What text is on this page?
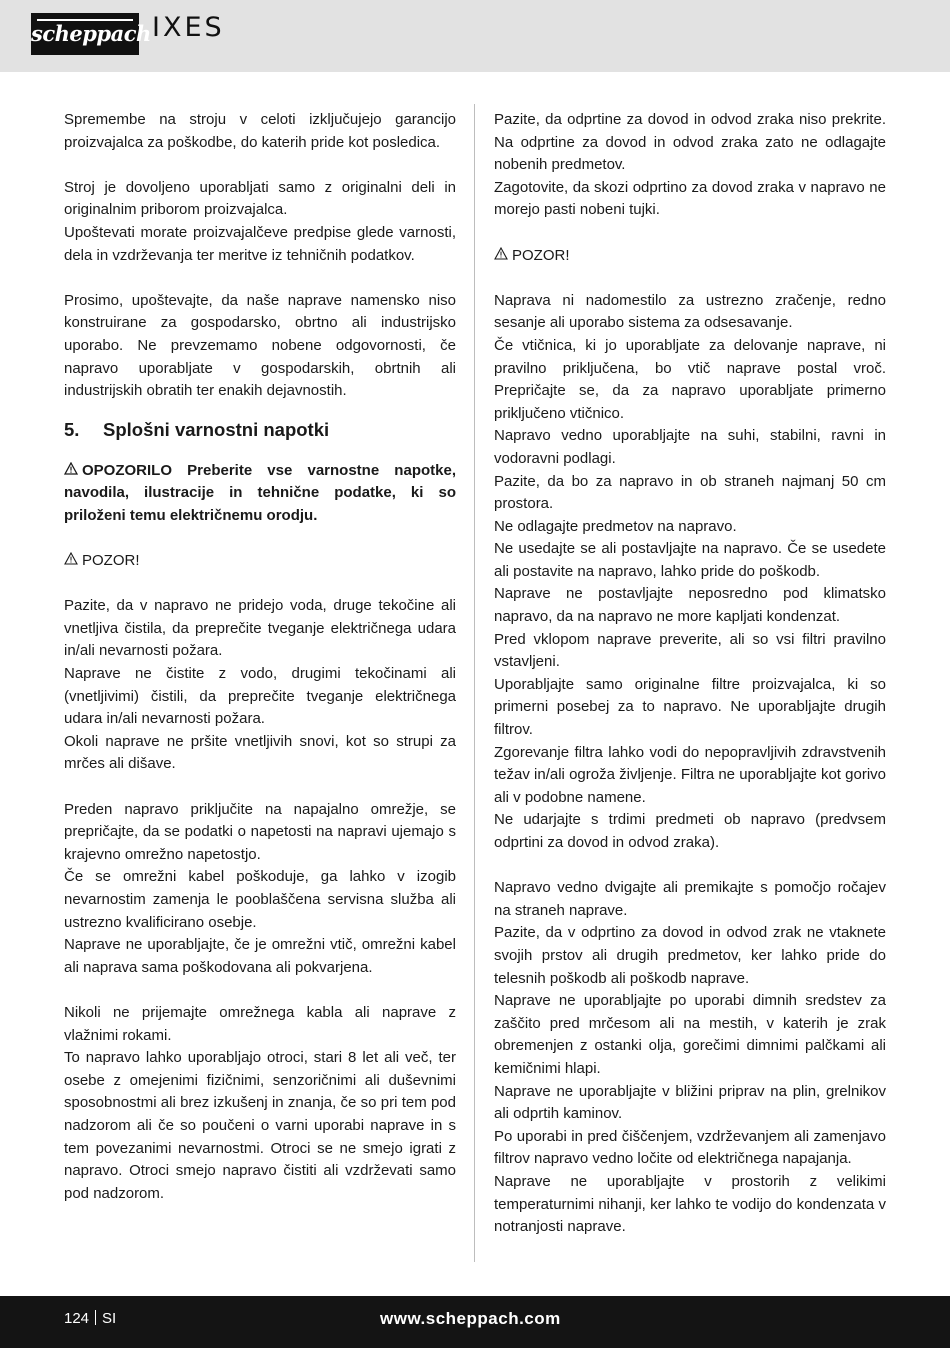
scheppach IXES

Spremembe na stroju v celoti izključujejo garancijo proizvajalca za poškodbe, do katerih pride kot posledica.

Stroj je dovoljeno uporabljati samo z originalni deli in originalnim priborom proizvajalca.

Upoštevati morate proizvajalčeve predpise glede varnosti, dela in vzdrževanja ter meritve iz tehničnih podatkov.

Prosimo, upoštevajte, da naše naprave namensko niso konstruirane za gospodarsko, obrtno ali industrijsko uporabo. Ne prevzemamo nobene odgovornosti, če napravo uporabljate v gospodarskih, obrtnih ali industrijskih obratih ter enakih dejavnostih.

5. Splošni varnostni napotki

OPOZORILO Preberite vse varnostne napotke, navodila, ilustracije in tehnične podatke, ki so priloženi temu električnemu orodju.

POZOR!

Pazite, da v napravo ne pridejo voda, druge tekočine ali vnetljiva čistila, da preprečite tveganje električnega udara in/ali nevarnosti požara.

Naprave ne čistite z vodo, drugimi tekočinami ali (vnetljivimi) čistili, da preprečite tveganje električnega udara in/ali nevarnosti požara.

Okoli naprave ne pršite vnetljivih snovi, kot so strupi za mrčes ali dišave.

Preden napravo priključite na napajalno omrežje, se prepričajte, da se podatki o napetosti na napravi ujemajo s krajevno omrežno napetostjo.

Če se omrežni kabel poškoduje, ga lahko v izogib nevarnostim zamenja le pooblaščena servisna služba ali ustrezno kvalificirano osebje.

Naprave ne uporabljajte, če je omrežni vtič, omrežni kabel ali naprava sama poškodovana ali pokvarjena.

Nikoli ne prijemajte omrežnega kabla ali naprave z vlažnimi rokami.

To napravo lahko uporabljajo otroci, stari 8 let ali več, ter osebe z omejenimi fizičnimi, senzoričnimi ali duševnimi sposobnostmi ali brez izkušenj in znanja, če so pri tem pod nadzorom ali če so poučeni o varni uporabi naprave in s tem povezanimi nevarnostmi. Otroci se ne smejo igrati z napravo. Otroci smejo napravo čistiti ali vzdrževati samo pod nadzorom.

Pazite, da odprtine za dovod in odvod zraka niso prekrite. Na odprtine za dovod in odvod zraka zato ne odlagajte nobenih predmetov.

Zagotovite, da skozi odprtino za dovod zraka v napravo ne morejo pasti nobeni tujki.

POZOR!

Naprava ni nadomestilo za ustrezno zračenje, redno sesanje ali uporabo sistema za odsesavanje.

Če vtičnica, ki jo uporabljate za delovanje naprave, ni pravilno priključena, bo vtič naprave postal vroč. Prepričajte se, da za napravo uporabljate primerno priključeno vtičnico.

Napravo vedno uporabljajte na suhi, stabilni, ravni in vodoravni podlagi.

Pazite, da bo za napravo in ob straneh najmanj 50 cm prostora.

Ne odlagajte predmetov na napravo.

Ne usedajte se ali postavljajte na napravo. Če se usedete ali postavite na napravo, lahko pride do poškodb.

Naprave ne postavljajte neposredno pod klimatsko napravo, da na napravo ne more kapljati kondenzat.

Pred vklopom naprave preverite, ali so vsi filtri pravilno vstavljeni.

Uporabljajte samo originalne filtre proizvajalca, ki so primerni posebej za to napravo. Ne uporabljajte drugih filtrov.

Zgorevanje filtra lahko vodi do nepopravljivih zdravstvenih težav in/ali ogroža življenje. Filtra ne uporabljajte kot gorivo ali v podobne namene.

Ne udarjajte s trdimi predmeti ob napravo (predvsem odprtini za dovod in odvod zraka).

Napravo vedno dvigajte ali premikajte s pomočjo ročajev na straneh naprave.

Pazite, da v odprtino za dovod in odvod zrak ne vtaknete svojih prstov ali drugih predmetov, ker lahko pride do telesnih poškodb ali poškodb naprave.

Naprave ne uporabljajte po uporabi dimnih sredstev za zaščito pred mrčesom ali na mestih, v katerih je zrak obremenjen z ostanki olja, gorečimi dimnimi palčkami ali kemičnimi hlapi.

Naprave ne uporabljajte v bližini priprav na plin, grelnikov ali odprtih kaminov.

Po uporabi in pred čiščenjem, vzdrževanjem ali zamenjavo filtrov napravo vedno ločite od električnega napajanja.

Naprave ne uporabljajte v prostorih z velikimi temperaturnimi nihanji, ker lahko te vodijo do kondenzata v notranjosti naprave.

124 SI	www.scheppach.com
